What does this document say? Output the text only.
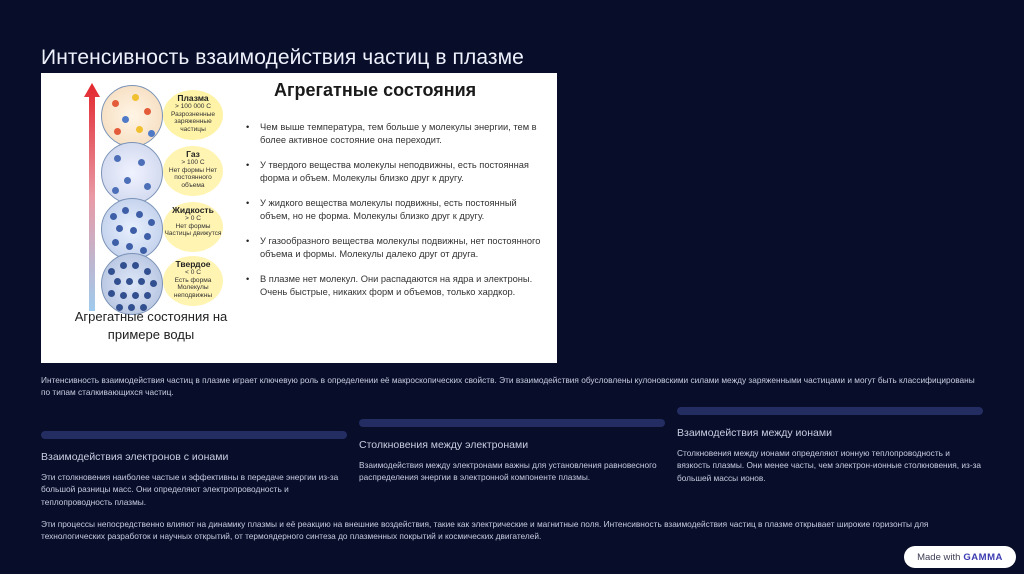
Интенсивность взаимодействия частиц в плазме
Плазма
> 100 000 С
Разрозненные заряженные частицы
Газ
> 100 С
Нет формы Нет постоянного объема
Жидкость
> 0 С
Нет формы Частицы движутся
Твердое
< 0 С
Есть форма Молекулы неподвижны
Агрегатные состояния на примере воды
Агрегатные состояния
• Чем выше температура, тем больше у молекулы энергии, тем в более активное состояние она переходит.
• У твердого вещества молекулы неподвижны, есть постоянная форма и объем. Молекулы близко друг к другу.
• У жидкого вещества молекулы подвижны, есть постоянный объем, но не форма. Молекулы близко друг к другу.
• У газообразного вещества молекулы подвижны, нет постоянного объема и формы. Молекулы далеко друг от друга.
• В плазме нет молекул. Они распадаются на ядра и электроны. Очень быстрые, никаких форм и объемов, только хардкор.

Интенсивность взаимодействия частиц в плазме играет ключевую роль в определении её макроскопических свойств. Эти взаимодействия обусловлены кулоновскими силами между заряженными частицами и могут быть классифицированы по типам сталкивающихся частиц.

Взаимодействия электронов с ионами
Эти столкновения наиболее частые и эффективны в передаче энергии из-за большой разницы масс. Они определяют электропроводность и теплопроводность плазмы.
Столкновения между электронами
Взаимодействия между электронами важны для установления равновесного распределения энергии в электронной компоненте плазмы.
Взаимодействия между ионами
Столкновения между ионами определяют ионную теплопроводность и вязкость плазмы. Они менее часты, чем электрон-ионные столкновения, из-за большей массы ионов.

Эти процессы непосредственно влияют на динамику плазмы и её реакцию на внешние воздействия, такие как электрические и магнитные поля. Интенсивность взаимодействия частиц в плазме открывает широкие горизонты для технологических разработок и научных открытий, от термоядерного синтеза до плазменных покрытий и космических двигателей.

Made with GAMMA
